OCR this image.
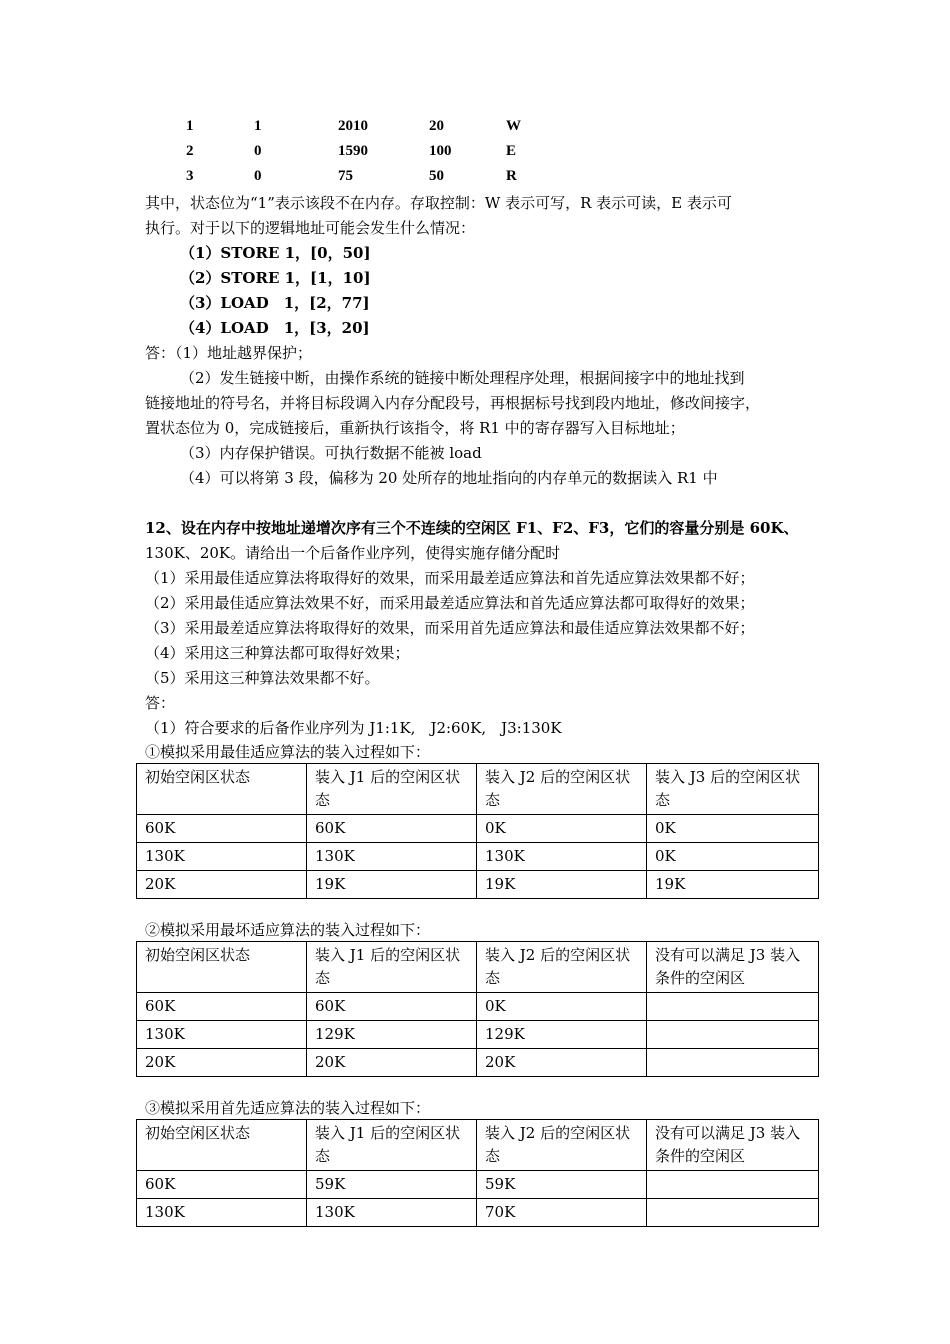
1	1	2010	20	W
2	0	1590	100	E
3	0	75	50	R
其中，状态位为“1”表示该段不在内存。存取控制：W 表示可写，R 表示可读，E 表示可
执行。对于以下的逻辑地址可能会发生什么情况：
（1）STORE 1，[0，50]
（2）STORE 1，[1，10]
（3）LOAD　1，[2，77]
（4）LOAD　1，[3，20]
答：（1）地址越界保护；
（2）发生链接中断，由操作系统的链接中断处理程序处理，根据间接字中的地址找到
链接地址的符号名，并将目标段调入内存分配段号，再根据标号找到段内地址，修改间接字，
置状态位为 0，完成链接后，重新执行该指令，将 R1 中的寄存器写入目标地址；
（3）内存保护错误。可执行数据不能被 load
（4）可以将第 3 段，偏移为 20 处所存的地址指向的内存单元的数据读入 R1 中
12、设在内存中按地址递增次序有三个不连续的空闲区 F1、F2、F3，它们的容量分别是 60K、
130K、20K。请给出一个后备作业序列，使得实施存储分配时
（1）采用最佳适应算法将取得好的效果，而采用最差适应算法和首先适应算法效果都不好；
（2）采用最佳适应算法效果不好，而采用最差适应算法和首先适应算法都可取得好的效果；
（3）采用最差适应算法将取得好的效果，而采用首先适应算法和最佳适应算法效果都不好；
（4）采用这三种算法都可取得好效果；
（5）采用这三种算法效果都不好。
答：
（1）符合要求的后备作业序列为 J1:1K,　J2:60K,　J3:130K
①模拟采用最佳适应算法的装入过程如下：
初始空闲区状态	装入 J1 后的空闲区状态	装入 J2 后的空闲区状态	装入 J3 后的空闲区状态
60K	60K	0K	0K
130K	130K	130K	0K
20K	19K	19K	19K
②模拟采用最坏适应算法的装入过程如下：
初始空闲区状态	装入 J1 后的空闲区状态	装入 J2 后的空闲区状态	没有可以满足 J3 装入条件的空闲区
60K	60K	0K	
130K	129K	129K	
20K	20K	20K	
③模拟采用首先适应算法的装入过程如下：
初始空闲区状态	装入 J1 后的空闲区状态	装入 J2 后的空闲区状态	没有可以满足 J3 装入条件的空闲区
60K	59K	59K	
130K	130K	70K	
